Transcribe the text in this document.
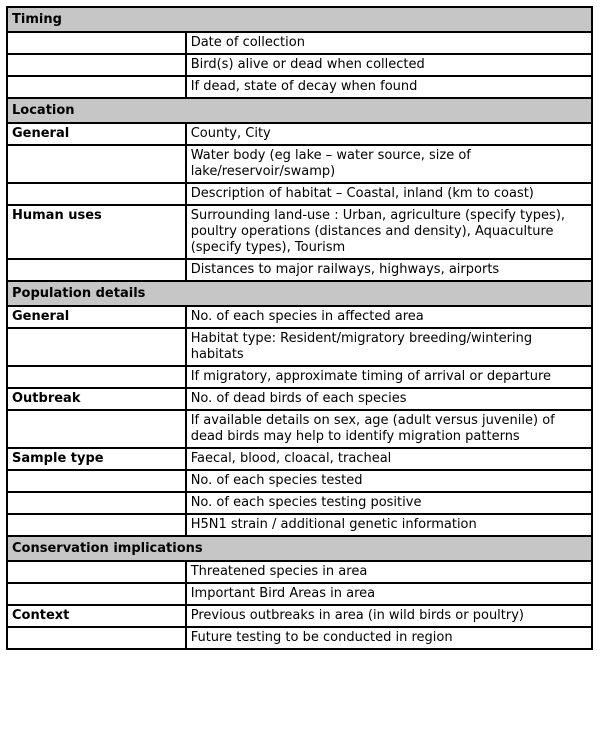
Timing	
	Date of collection
	Bird(s) alive or dead when collected
	If dead, state of decay when found
Location	
General	County, City
	Water body (eg lake – water source, size of lake/reservoir/swamp)
	Description of habitat – Coastal, inland (km to coast)
Human uses	Surrounding land-use : Urban, agriculture (specify types), poultry operations (distances and density), Aquaculture (specify types), Tourism
	Distances to major railways, highways, airports
Population details	
General	No. of each species in affected area
	Habitat type: Resident/migratory breeding/wintering habitats
	If migratory, approximate timing of arrival or departure
Outbreak	No. of dead birds of each species
	If available details on sex, age (adult versus juvenile) of dead birds may help to identify migration patterns
Sample type	Faecal, blood, cloacal, tracheal
	No. of each species tested
	No. of each species testing positive
	H5N1 strain / additional genetic information
Conservation implications	
	Threatened species in area
	Important Bird Areas in area
Context	Previous outbreaks in area (in wild birds or poultry)
	Future testing to be conducted in region
